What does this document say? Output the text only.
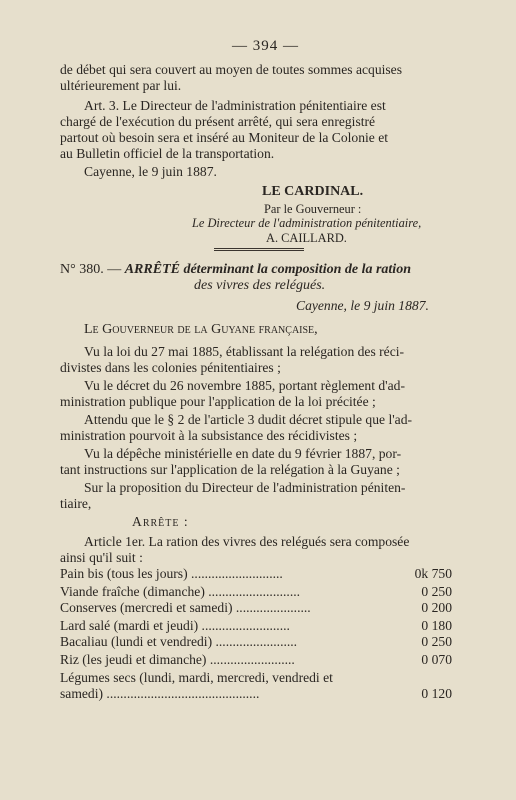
— 394 —
de débet qui sera couvert au moyen de toutes sommes acquises
ultérieurement par lui.
Art. 3. Le Directeur de l'administration pénitentiaire est
chargé de l'exécution du présent arrêté, qui sera enregistré
partout où besoin sera et inséré au Moniteur de la Colonie et
au Bulletin officiel de la transportation.
Cayenne, le 9 juin 1887.
LE CARDINAL.
Par le Gouverneur :
Le Directeur de l'administration pénitentiaire,
A. CAILLARD.
N° 380. — ARRÊTÉ déterminant la composition de la ration
des vivres des relégués.
Cayenne, le 9 juin 1887.
Le Gouverneur de la Guyane française,
Vu la loi du 27 mai 1885, établissant la relégation des réci-
divistes dans les colonies pénitentiaires ;
Vu le décret du 26 novembre 1885, portant règlement d'ad-
ministration publique pour l'application de la loi précitée ;
Attendu que le § 2 de l'article 3 dudit décret stipule que l'ad-
ministration pourvoit à la subsistance des récidivistes ;
Vu la dépêche ministérielle en date du 9 février 1887, por-
tant instructions sur l'application de la relégation à la Guyane ;
Sur la proposition du Directeur de l'administration péniten-
tiaire,
Arrête :
Article 1er. La ration des vivres des relégués sera composée
ainsi qu'il suit :
Pain bis (tous les jours) ...........................	0k 750
Viande fraîche (dimanche) ...........................	0 250
Conserves (mercredi et samedi) ......................	0 200
Lard salé (mardi et jeudi) ..........................	0 180
Bacaliau (lundi et vendredi) ........................	0 250
Riz (les jeudi et dimanche) .........................	0 070
Légumes secs (lundi, mardi, mercredi, vendredi et
samedi) .............................................	0 120
